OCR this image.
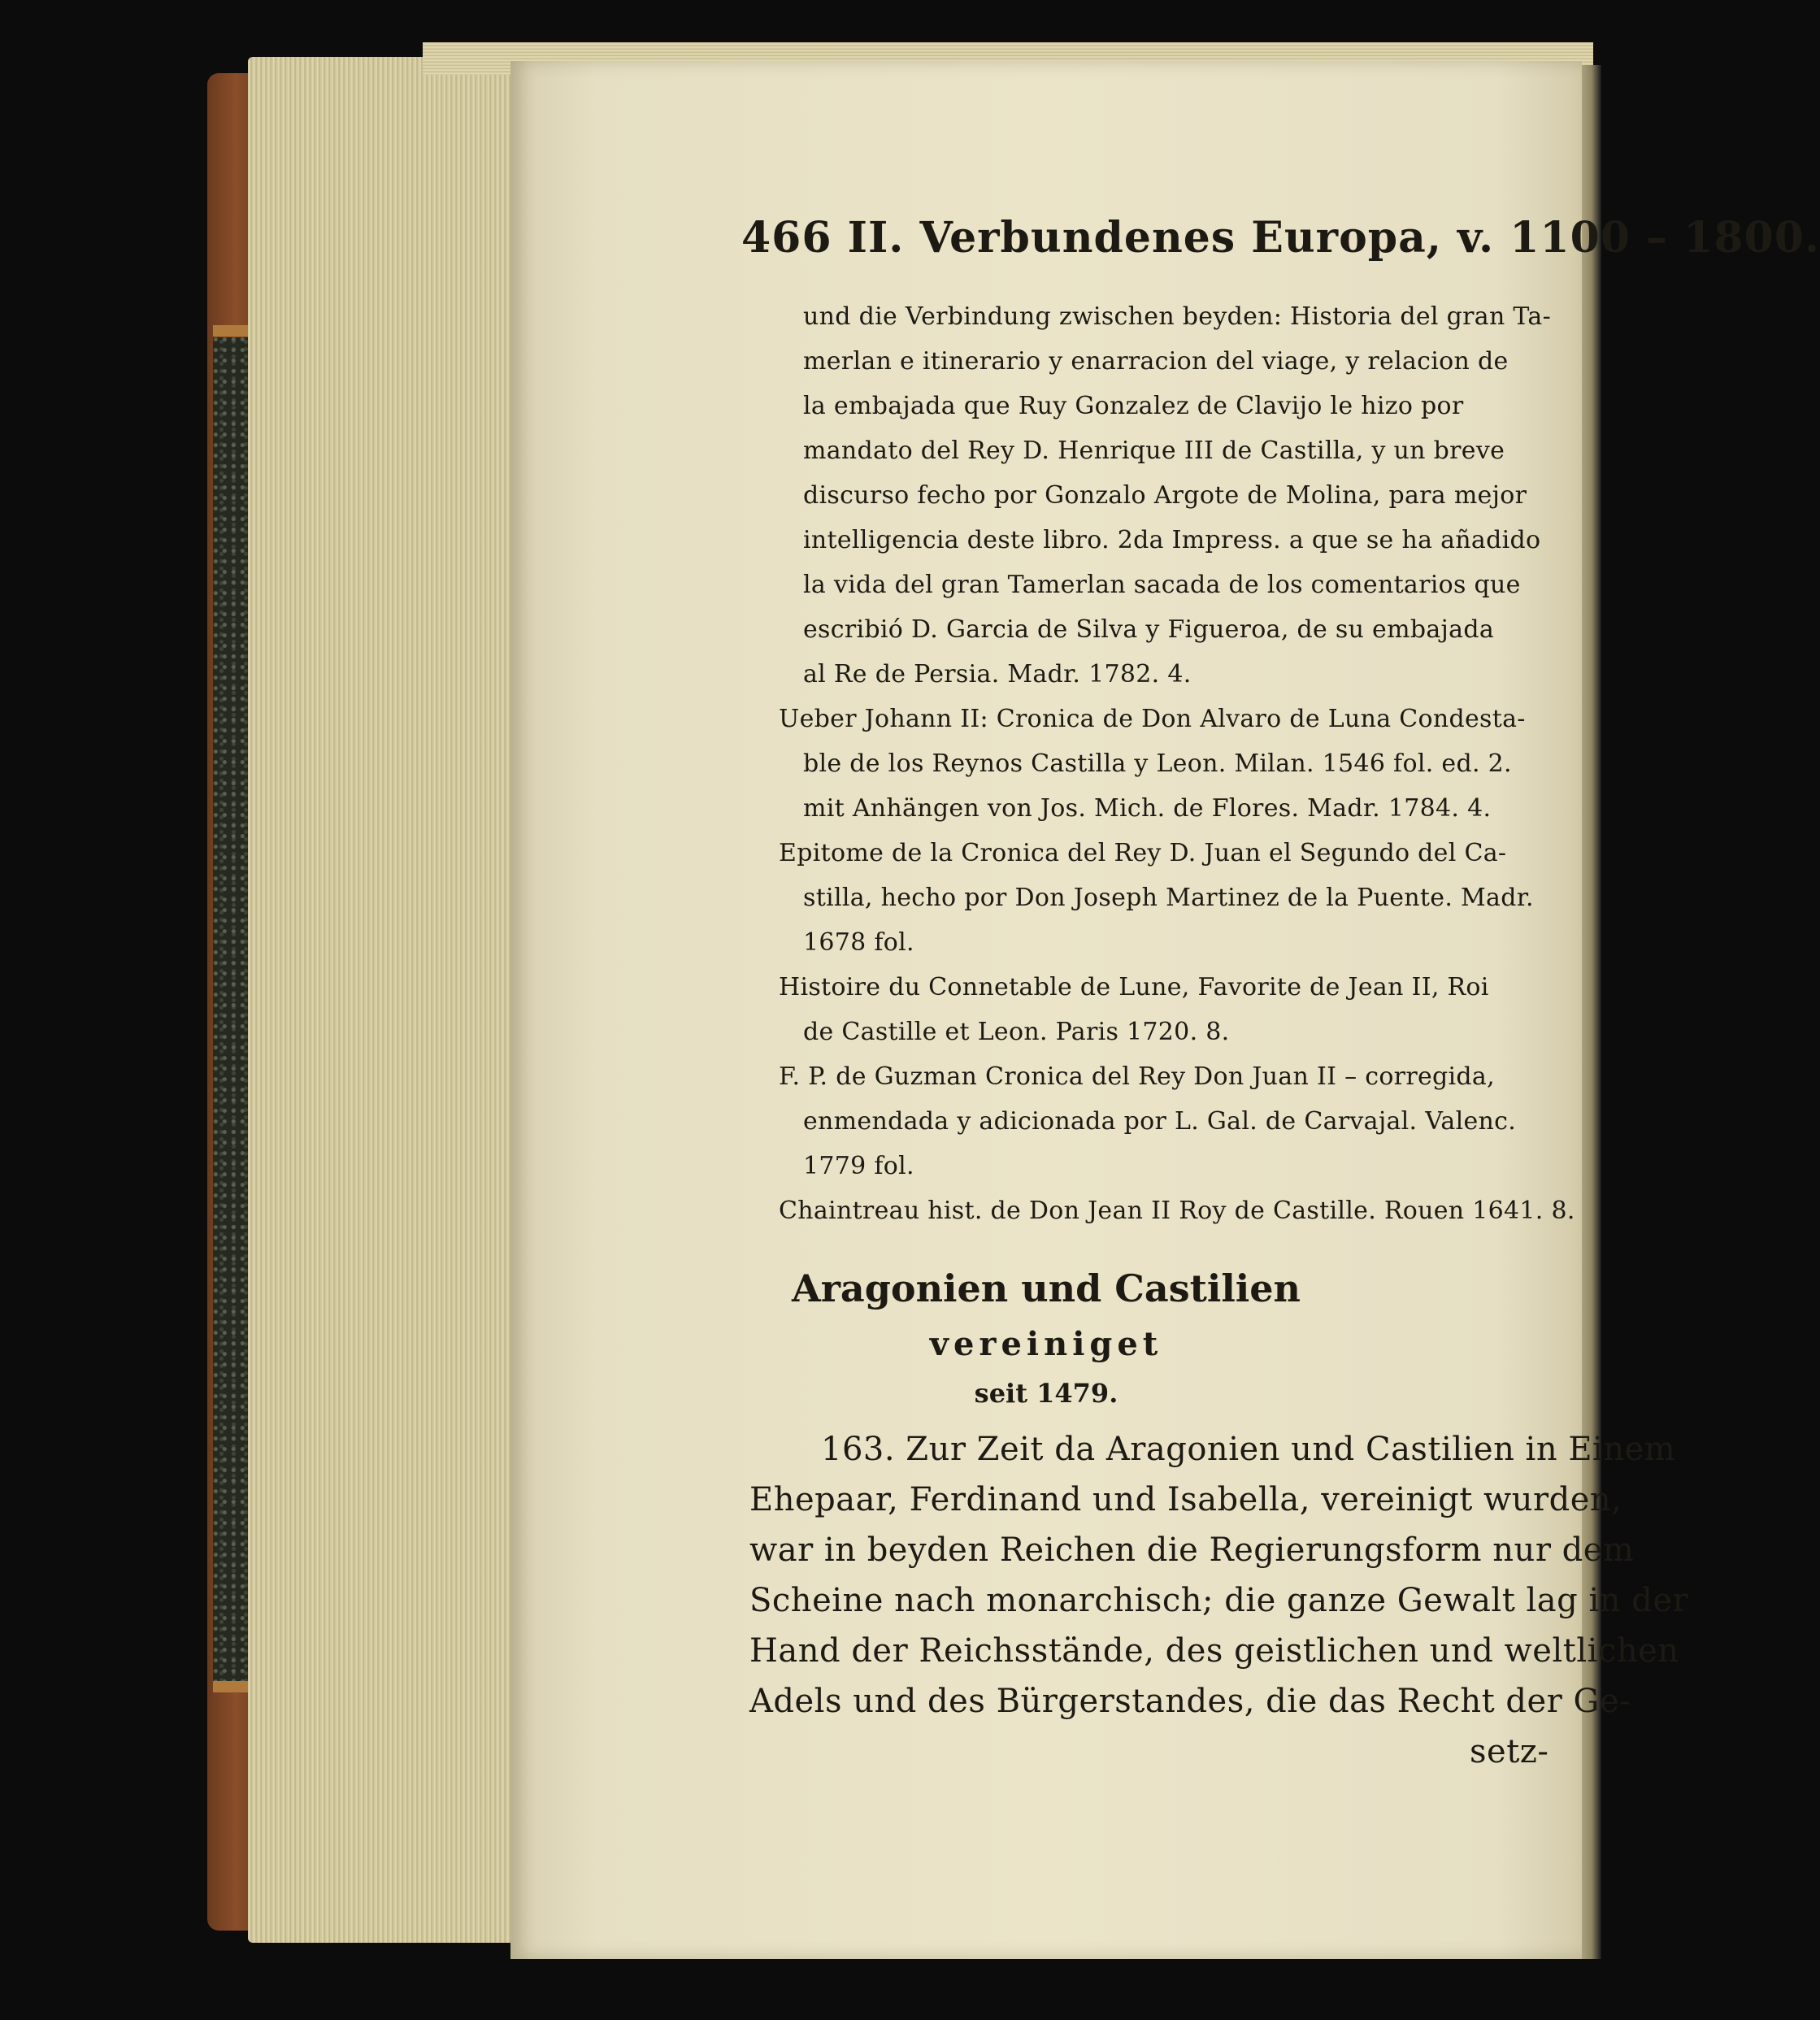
466 II. Verbundenes Europa, v. 1100 – 1800.
und die Verbindung zwischen beyden: Historia del gran Ta-
merlan e itinerario y enarracion del viage, y relacion de
la embajada que Ruy Gonzalez de Clavijo le hizo por
mandato del Rey D. Henrique III de Castilla, y un breve
discurso fecho por Gonzalo Argote de Molina, para mejor
intelligencia deste libro. 2da Impress. a que se ha añadido
la vida del gran Tamerlan sacada de los comentarios que
escribió D. Garcia de Silva y Figueroa, de su embajada
al Re de Persia. Madr. 1782. 4.
Ueber Johann II: Cronica de Don Alvaro de Luna Condesta-
ble de los Reynos Castilla y Leon. Milan. 1546 fol. ed. 2.
mit Anhängen von Jos. Mich. de Flores. Madr. 1784. 4.
Epitome de la Cronica del Rey D. Juan el Segundo del Ca-
stilla, hecho por Don Joseph Martinez de la Puente. Madr.
1678 fol.
Histoire du Connetable de Lune, Favorite de Jean II, Roi
de Castille et Leon. Paris 1720. 8.
F. P. de Guzman Cronica del Rey Don Juan II – corregida,
enmendada y adicionada por L. Gal. de Carvajal. Valenc.
1779 fol.
Chaintreau hist. de Don Jean II Roy de Castille. Rouen 1641. 8.
Aragonien und Castilien
vereiniget
seit 1479.
163. Zur Zeit da Aragonien und Castilien in Einem
Ehepaar, Ferdinand und Isabella, vereinigt wurden,
war in beyden Reichen die Regierungsform nur dem
Scheine nach monarchisch; die ganze Gewalt lag in der
Hand der Reichsstände, des geistlichen und weltlichen
Adels und des Bürgerstandes, die das Recht der Ge-
setz-
